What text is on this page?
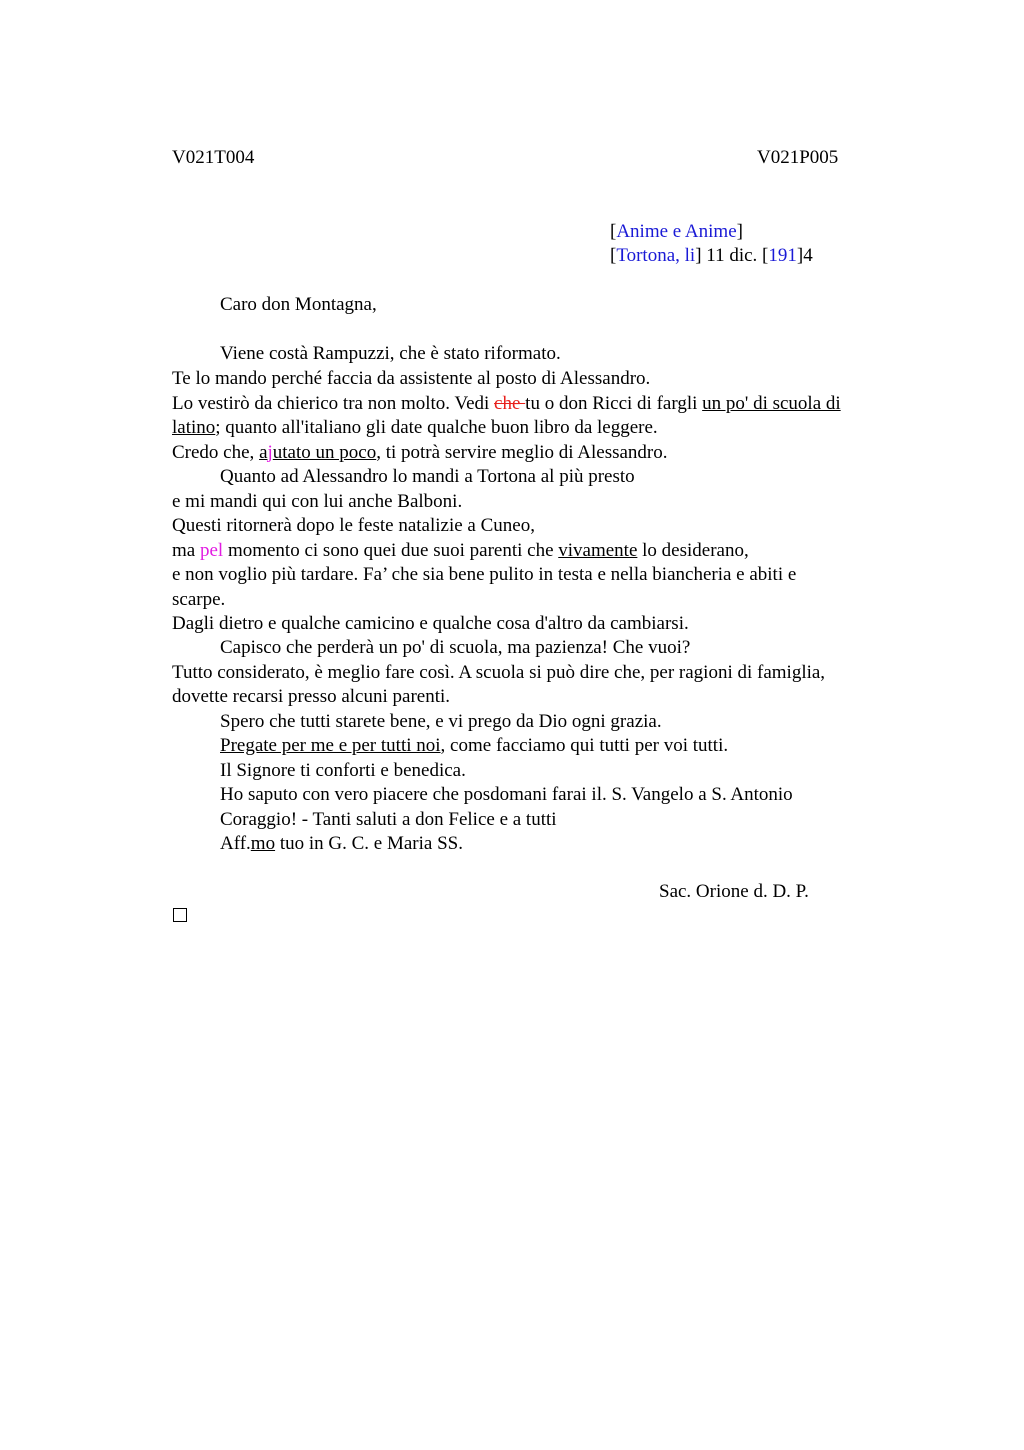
V021T004	V021P005
[Anime e Anime]
[Tortona, li] 11 dic. [191]4
Caro don Montagna,
Viene costà Rampuzzi, che è stato riformato.
Te lo mando perché faccia da assistente al posto di Alessandro.
Lo vestirò da chierico tra non molto. Vedi che tu o don Ricci di fargli un po' di scuola di
latino; quanto all'italiano gli date qualche buon libro da leggere.
Credo che, ajutato un poco, ti potrà servire meglio di Alessandro.
Quanto ad Alessandro lo mandi a Tortona al più presto
e mi mandi qui con lui anche Balboni.
Questi ritornerà dopo le feste natalizie a Cuneo,
ma pel momento ci sono quei due suoi parenti che vivamente lo desiderano,
e non voglio più tardare. Fa’ che sia bene pulito in testa e nella biancheria e abiti e
scarpe.
Dagli dietro e qualche camicino e qualche cosa d'altro da cambiarsi.
Capisco che perderà un po' di scuola, ma pazienza! Che vuoi?
Tutto considerato, è meglio fare così. A scuola si può dire che, per ragioni di famiglia,
dovette recarsi presso alcuni parenti.
Spero che tutti starete bene, e vi prego da Dio ogni grazia.
Pregate per me e per tutti noi, come facciamo qui tutti per voi tutti.
Il Signore ti conforti e benedica.
Ho saputo con vero piacere che posdomani farai il. S. Vangelo a S. Antonio
Coraggio! - Tanti saluti a don Felice e a tutti
Aff.mo tuo in G. C. e Maria SS.
Sac. Orione d. D. P.
